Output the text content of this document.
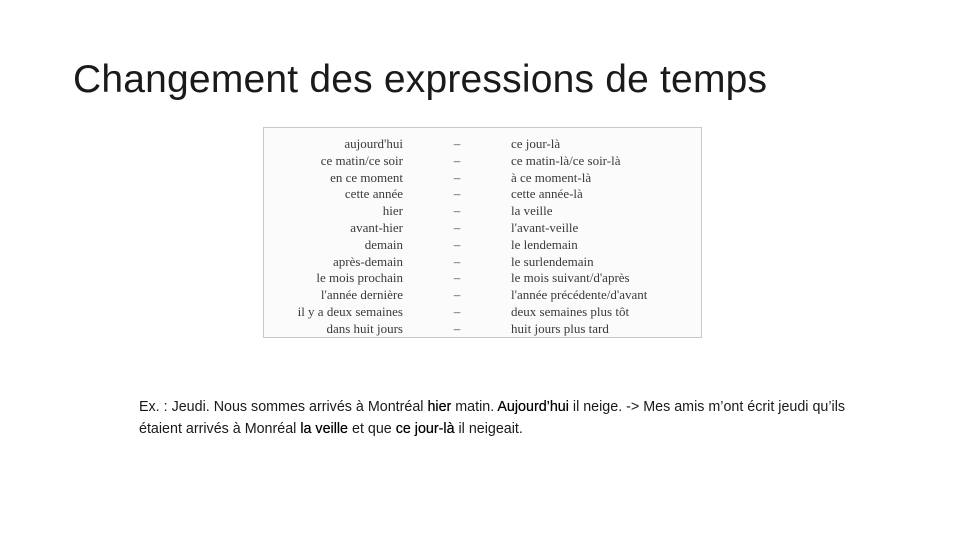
Changement des expressions de temps
aujourd'hui	–	ce jour-là
ce matin/ce soir	–	ce matin-là/ce soir-là
en ce moment	–	à ce moment-là
cette année	–	cette année-là
hier	–	la veille
avant-hier	–	l'avant-veille
demain	–	le lendemain
après-demain	–	le surlendemain
le mois prochain	–	le mois suivant/d'après
l'année dernière	–	l'année précédente/d'avant
il y a deux semaines	–	deux semaines plus tôt
dans huit jours	–	huit jours plus tard
Ex. : Jeudi. Nous sommes arrivés à Montréal hier matin. Aujourd’hui il neige. -> Mes amis m’ont écrit jeudi qu’ils étaient arrivés à Monréal la veille et que ce jour-là il neigeait.
